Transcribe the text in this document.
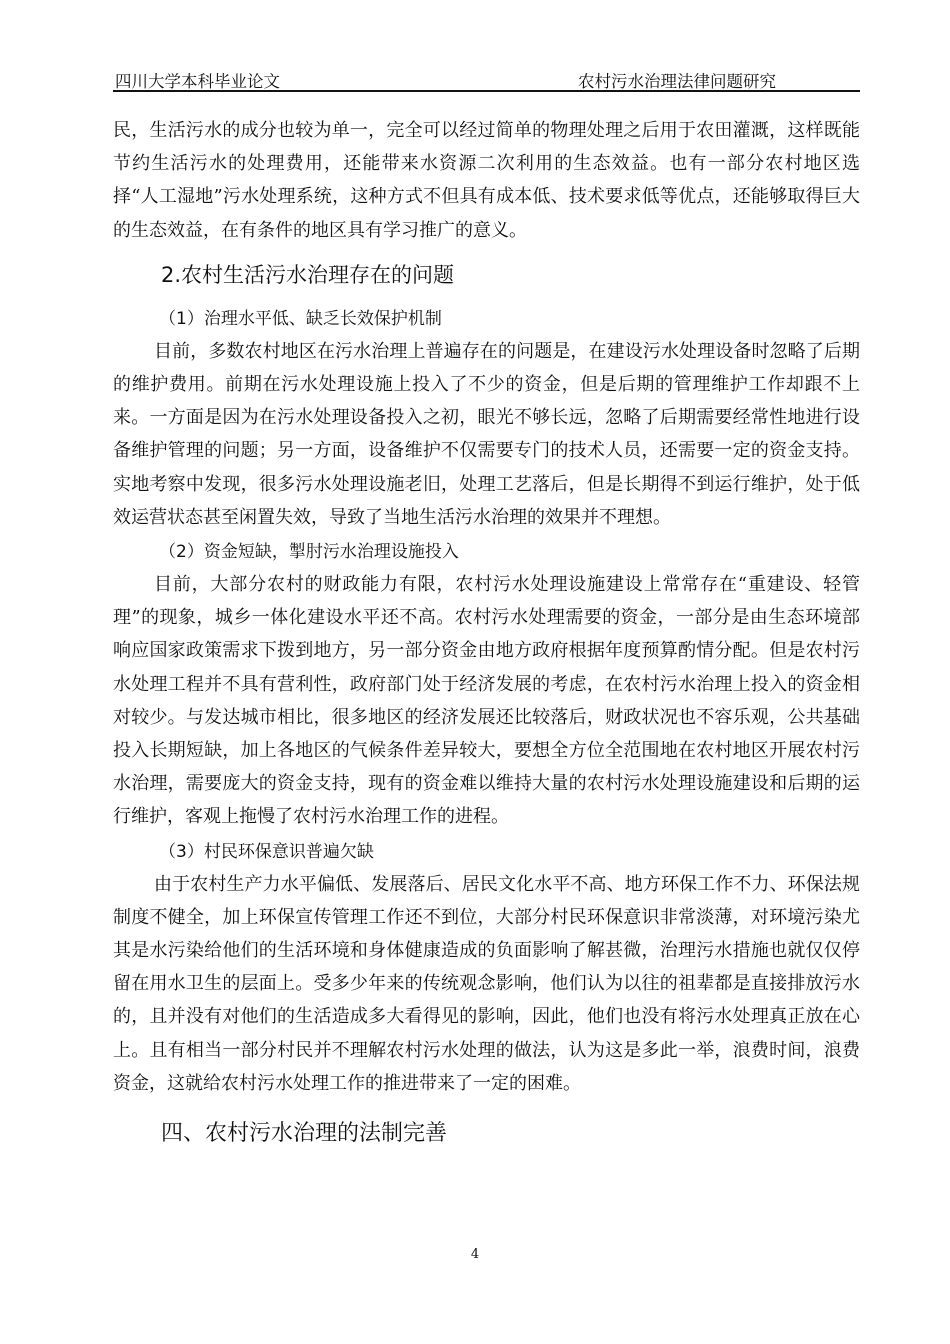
四川大学本科毕业论文	农村污水治理法律问题研究

民，生活污水的成分也较为单一，完全可以经过简单的物理处理之后用于农田灌溉，这样既能节约生活污水的处理费用，还能带来水资源二次利用的生态效益。也有一部分农村地区选择“人工湿地”污水处理系统，这种方式不但具有成本低、技术要求低等优点，还能够取得巨大的生态效益，在有条件的地区具有学习推广的意义。

2.农村生活污水治理存在的问题
（1）治理水平低、缺乏长效保护机制

目前，多数农村地区在污水治理上普遍存在的问题是，在建设污水处理设备时忽略了后期的维护费用。前期在污水处理设施上投入了不少的资金，但是后期的管理维护工作却跟不上来。一方面是因为在污水处理设备投入之初，眼光不够长远，忽略了后期需要经常性地进行设备维护管理的问题；另一方面，设备维护不仅需要专门的技术人员，还需要一定的资金支持。实地考察中发现，很多污水处理设施老旧，处理工艺落后，但是长期得不到运行维护，处于低效运营状态甚至闲置失效，导致了当地生活污水治理的效果并不理想。

（2）资金短缺，掣肘污水治理设施投入

目前，大部分农村的财政能力有限，农村污水处理设施建设上常常存在“重建设、轻管理”的现象，城乡一体化建设水平还不高。农村污水处理需要的资金，一部分是由生态环境部响应国家政策需求下拨到地方，另一部分资金由地方政府根据年度预算酌情分配。但是农村污水处理工程并不具有营利性，政府部门处于经济发展的考虑，在农村污水治理上投入的资金相对较少。与发达城市相比，很多地区的经济发展还比较落后，财政状况也不容乐观，公共基础投入长期短缺，加上各地区的气候条件差异较大，要想全方位全范围地在农村地区开展农村污水治理，需要庞大的资金支持，现有的资金难以维持大量的农村污水处理设施建设和后期的运行维护，客观上拖慢了农村污水治理工作的进程。

（3）村民环保意识普遍欠缺

由于农村生产力水平偏低、发展落后、居民文化水平不高、地方环保工作不力、环保法规制度不健全，加上环保宣传管理工作还不到位，大部分村民环保意识非常淡薄，对环境污染尤其是水污染给他们的生活环境和身体健康造成的负面影响了解甚微，治理污水措施也就仅仅停留在用水卫生的层面上。受多少年来的传统观念影响，他们认为以往的祖辈都是直接排放污水的，且并没有对他们的生活造成多大看得见的影响，因此，他们也没有将污水处理真正放在心上。且有相当一部分村民并不理解农村污水处理的做法，认为这是多此一举，浪费时间，浪费资金，这就给农村污水处理工作的推进带来了一定的困难。

四、农村污水治理的法制完善
4
